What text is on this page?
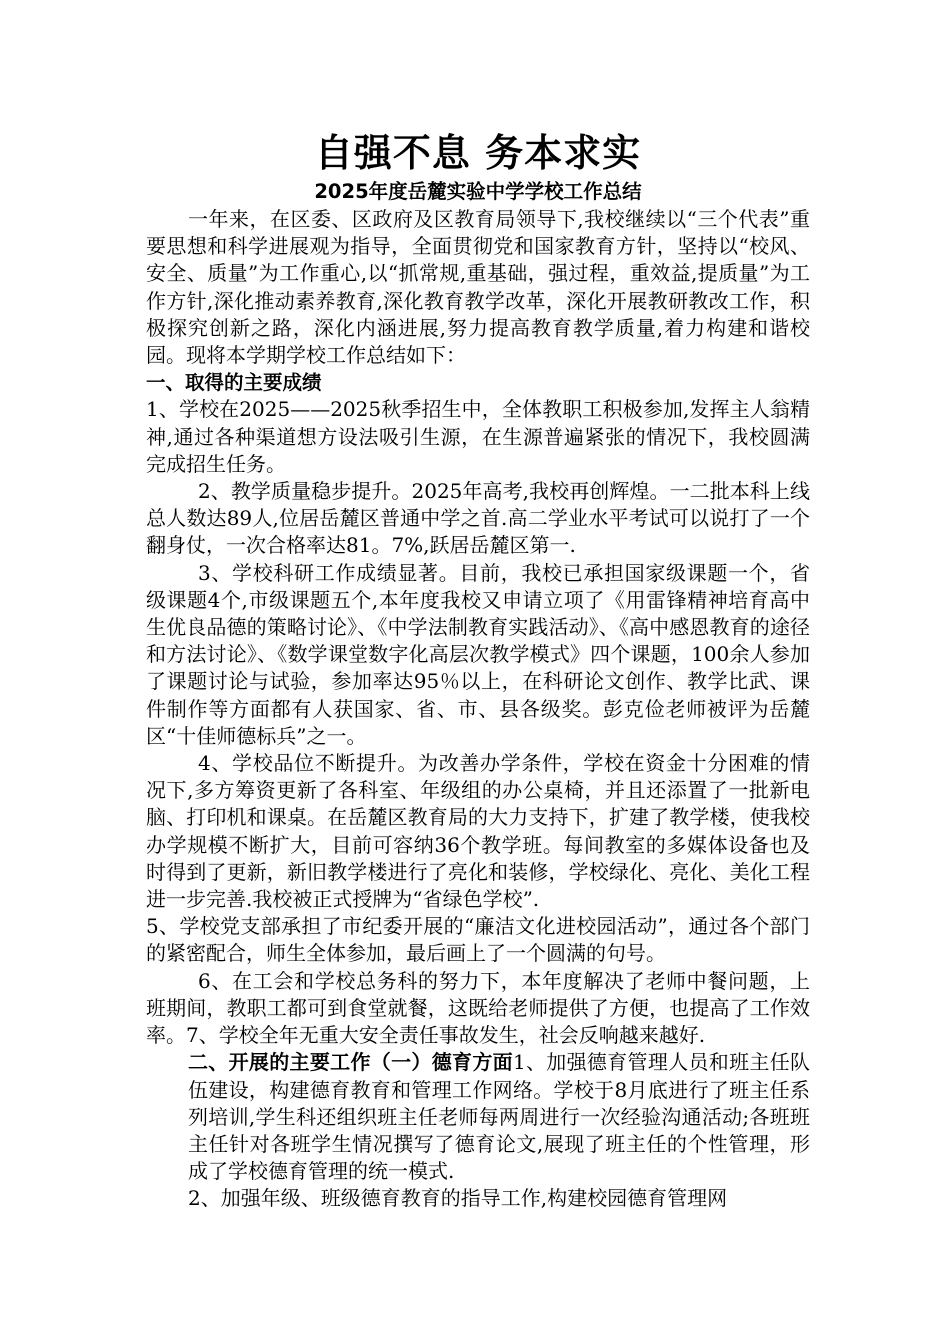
自强不息 务本求实
2025年度岳麓实验中学学校工作总结

一年来，在区委、区政府及区教育局领导下,我校继续以“三个代表”重要思想和科学进展观为指导，全面贯彻党和国家教育方针，坚持以“校风、安全、质量”为工作重心,以“抓常规,重基础，强过程，重效益,提质量”为工作方针,深化推动素养教育,深化教育教学改革，深化开展教研教改工作，积极探究创新之路，深化内涵进展,努力提高教育教学质量,着力构建和谐校园。现将本学期学校工作总结如下：

一、取得的主要成绩

1、学校在2025——2025秋季招生中，全体教职工积极参加,发挥主人翁精神,通过各种渠道想方设法吸引生源，在生源普遍紧张的情况下，我校圆满完成招生任务。

2、教学质量稳步提升。2025年高考,我校再创辉煌。一二批本科上线总人数达89人,位居岳麓区普通中学之首.高二学业水平考试可以说打了一个翻身仗，一次合格率达81。7%,跃居岳麓区第一.

3、学校科研工作成绩显著。目前，我校已承担国家级课题一个，省级课题4个,市级课题五个,本年度我校又申请立项了《用雷锋精神培育高中生优良品德的策略讨论》、《中学法制教育实践活动》、《高中感恩教育的途径和方法讨论》、《数学课堂数字化高层次教学模式》四个课题，100余人参加了课题讨论与试验，参加率达95％以上，在科研论文创作、教学比武、课件制作等方面都有人获国家、省、市、县各级奖。彭克俭老师被评为岳麓区“十佳师德标兵”之一。

4、学校品位不断提升。为改善办学条件，学校在资金十分困难的情况下,多方筹资更新了各科室、年级组的办公桌椅，并且还添置了一批新电脑、打印机和课桌。在岳麓区教育局的大力支持下，扩建了教学楼，使我校办学规模不断扩大，目前可容纳36个教学班。每间教室的多媒体设备也及时得到了更新，新旧教学楼进行了亮化和装修，学校绿化、亮化、美化工程进一步完善.我校被正式授牌为“省绿色学校”.

5、学校党支部承担了市纪委开展的“廉洁文化进校园活动”，通过各个部门的紧密配合，师生全体参加，最后画上了一个圆满的句号。

6、在工会和学校总务科的努力下，本年度解决了老师中餐问题，上班期间，教职工都可到食堂就餐，这既给老师提供了方便，也提高了工作效率。7、学校全年无重大安全责任事故发生，社会反响越来越好.

二、开展的主要工作（一）德育方面1、加强德育管理人员和班主任队伍建设，构建德育教育和管理工作网络。学校于8月底进行了班主任系列培训,学生科还组织班主任老师每两周进行一次经验沟通活动;各班班主任针对各班学生情况撰写了德育论文,展现了班主任的个性管理，形成了学校德育管理的统一模式.

2、加强年级、班级德育教育的指导工作,构建校园德育管理网
